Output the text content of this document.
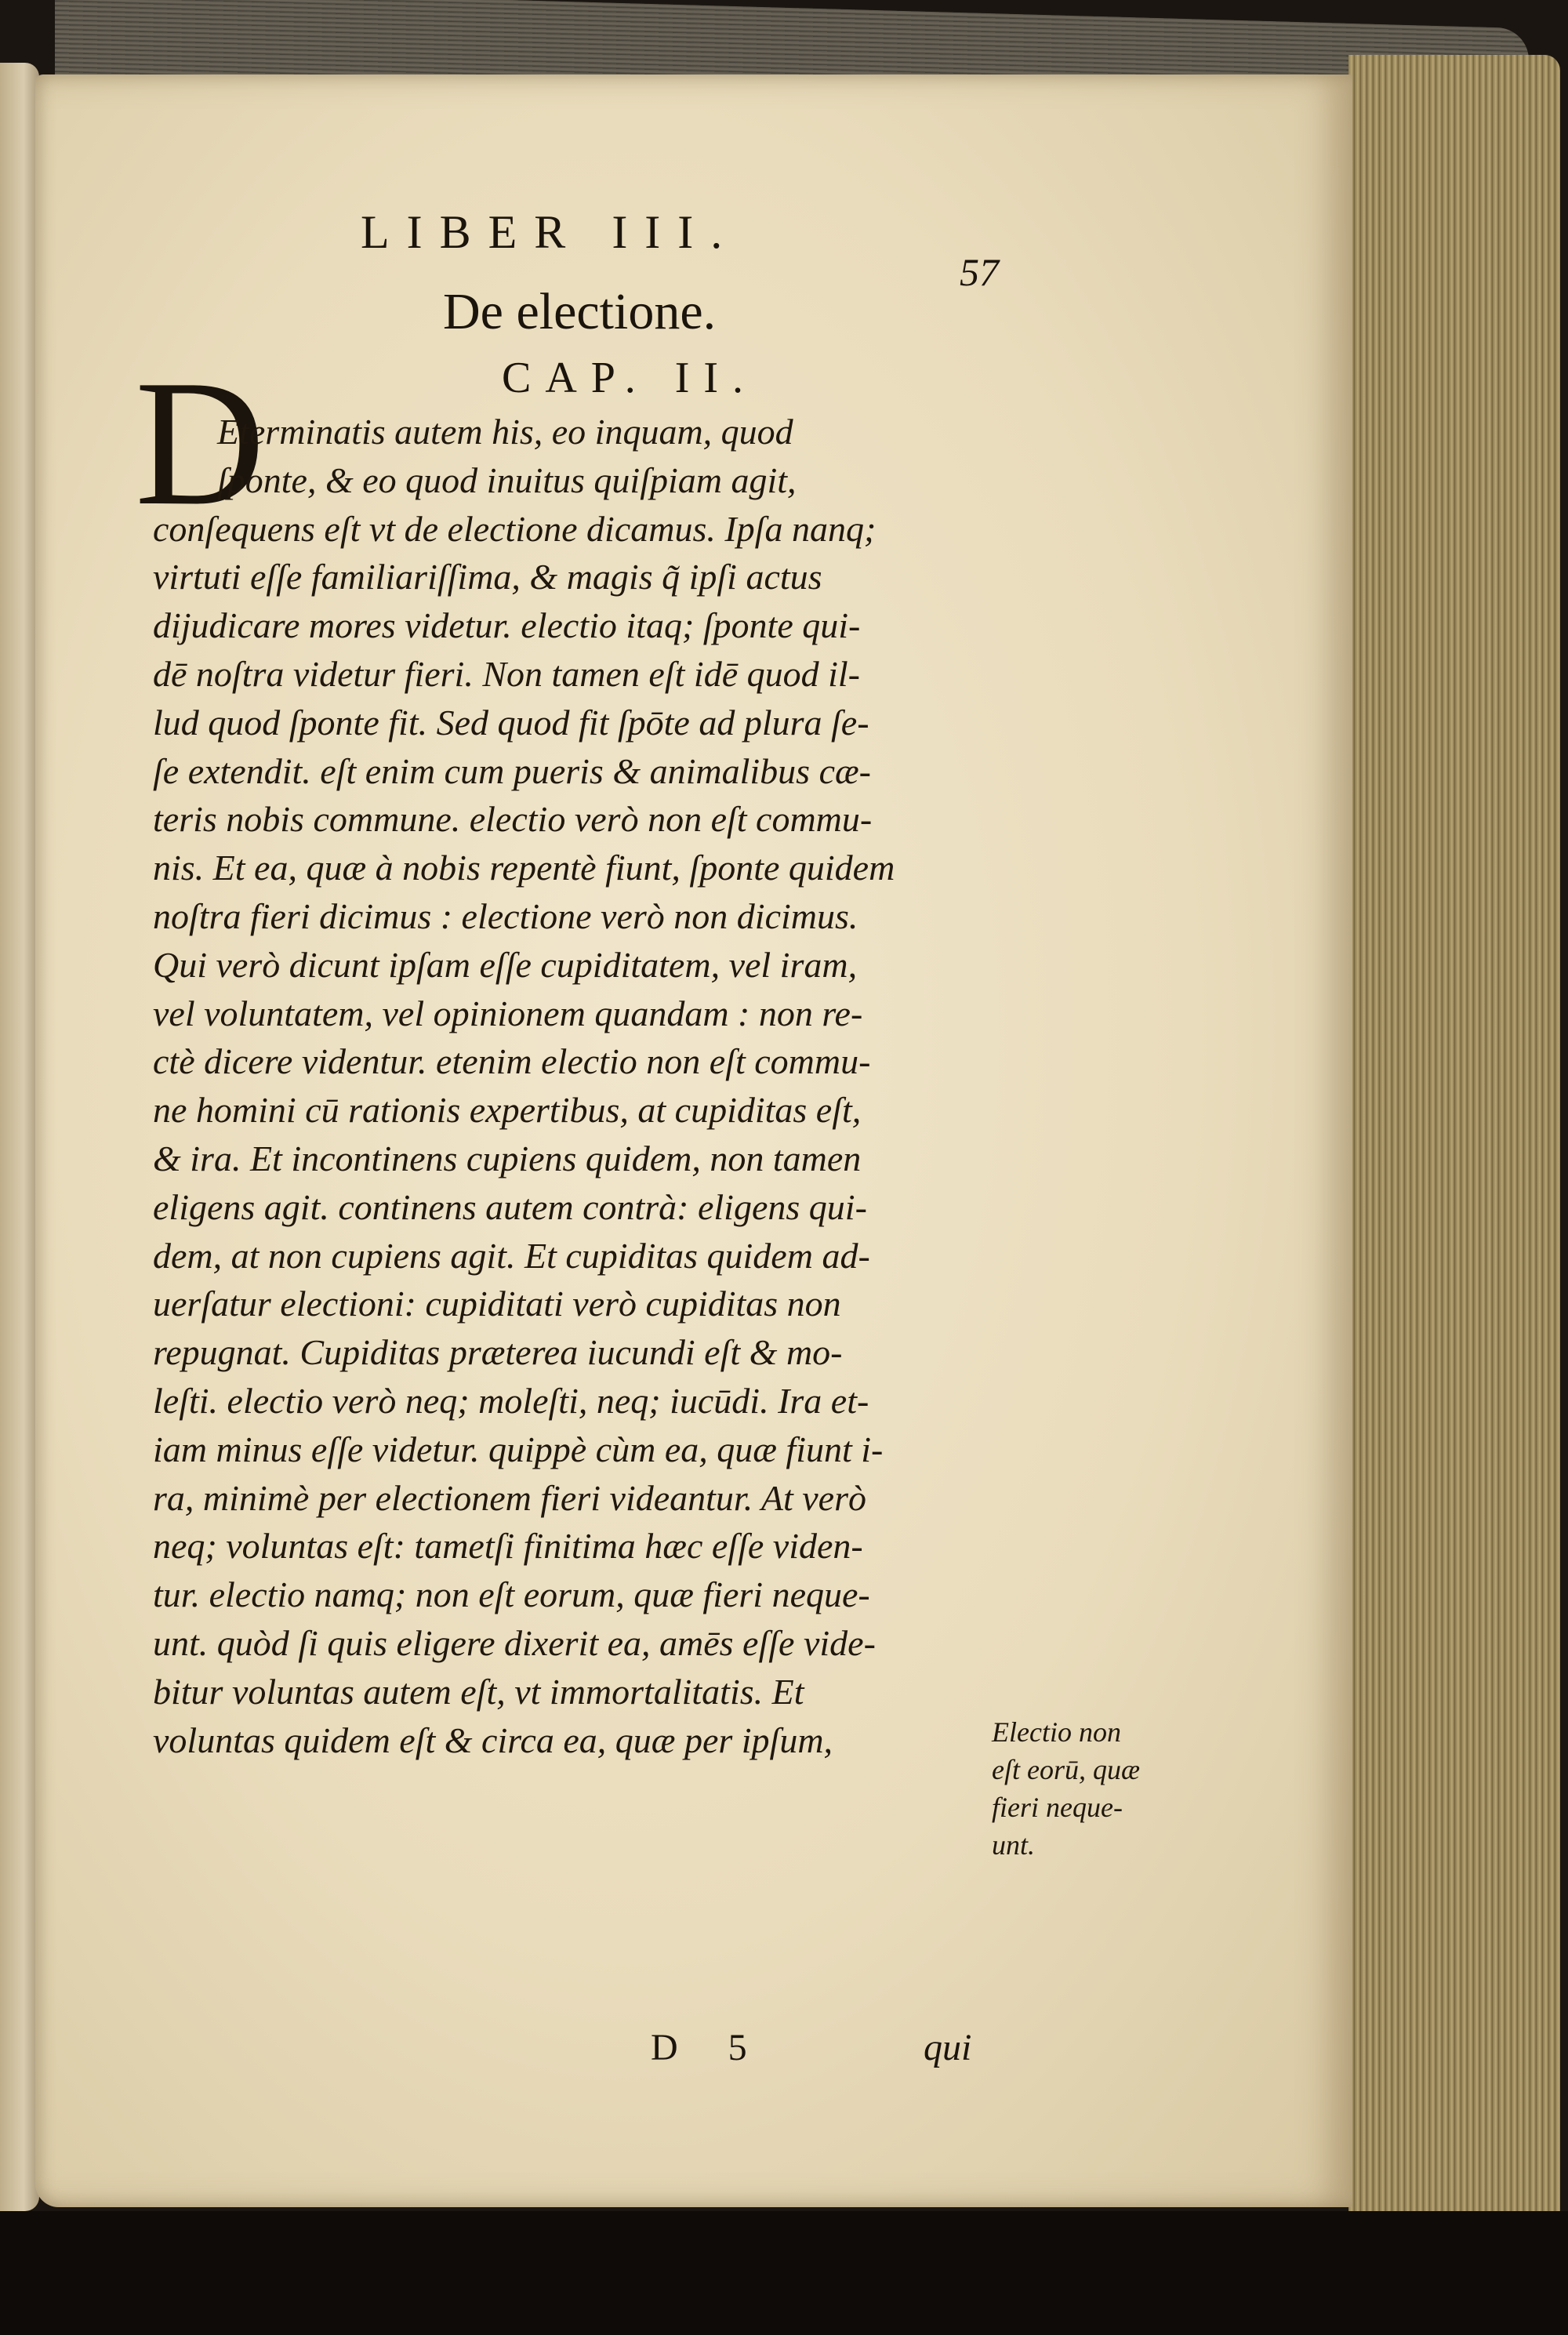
LIBER III.
57
De electione.
CAP. II.
D
Eterminatis autem his, eo inquam, quod
ſponte, & eo quod inuitus quiſpiam agit,
conſequens eſt vt de electione dicamus. Ipſa nanq;
virtuti eſſe familiariſſima, & magis q̃ ipſi actus
dijudicare mores videtur. electio itaq; ſponte qui-
dē noſtra videtur fieri. Non tamen eſt idē quod il-
lud quod ſponte fit. Sed quod fit ſpōte ad plura ſe-
ſe extendit. eſt enim cum pueris & animalibus cæ-
teris nobis commune. electio verò non eſt commu-
nis. Et ea, quæ à nobis repentè fiunt, ſponte quidem
noſtra fieri dicimus : electione verò non dicimus.
Qui verò dicunt ipſam eſſe cupiditatem, vel iram,
vel voluntatem, vel opinionem quandam : non re-
ctè dicere videntur. etenim electio non eſt commu-
ne homini cū rationis expertibus, at cupiditas eſt,
& ira. Et incontinens cupiens quidem, non tamen
eligens agit. continens autem contrà: eligens qui-
dem, at non cupiens agit. Et cupiditas quidem ad-
uerſatur electioni: cupiditati verò cupiditas non
repugnat. Cupiditas præterea iucundi eſt & mo-
leſti. electio verò neq; moleſti, neq; iucūdi. Ira et-
iam minus eſſe videtur. quippè cùm ea, quæ fiunt i-
ra, minimè per electionem fieri videantur. At verò
neq; voluntas eſt: tametſi finitima hæc eſſe viden-
tur. electio namq; non eſt eorum, quæ fieri neque-
unt. quòd ſi quis eligere dixerit ea, amēs eſſe vide-
bitur voluntas autem eſt, vt immortalitatis. Et
voluntas quidem eſt & circa ea, quæ per ipſum,	Electio non
eſt eorū, quæ
fieri neque-
unt.
D 5	qui
